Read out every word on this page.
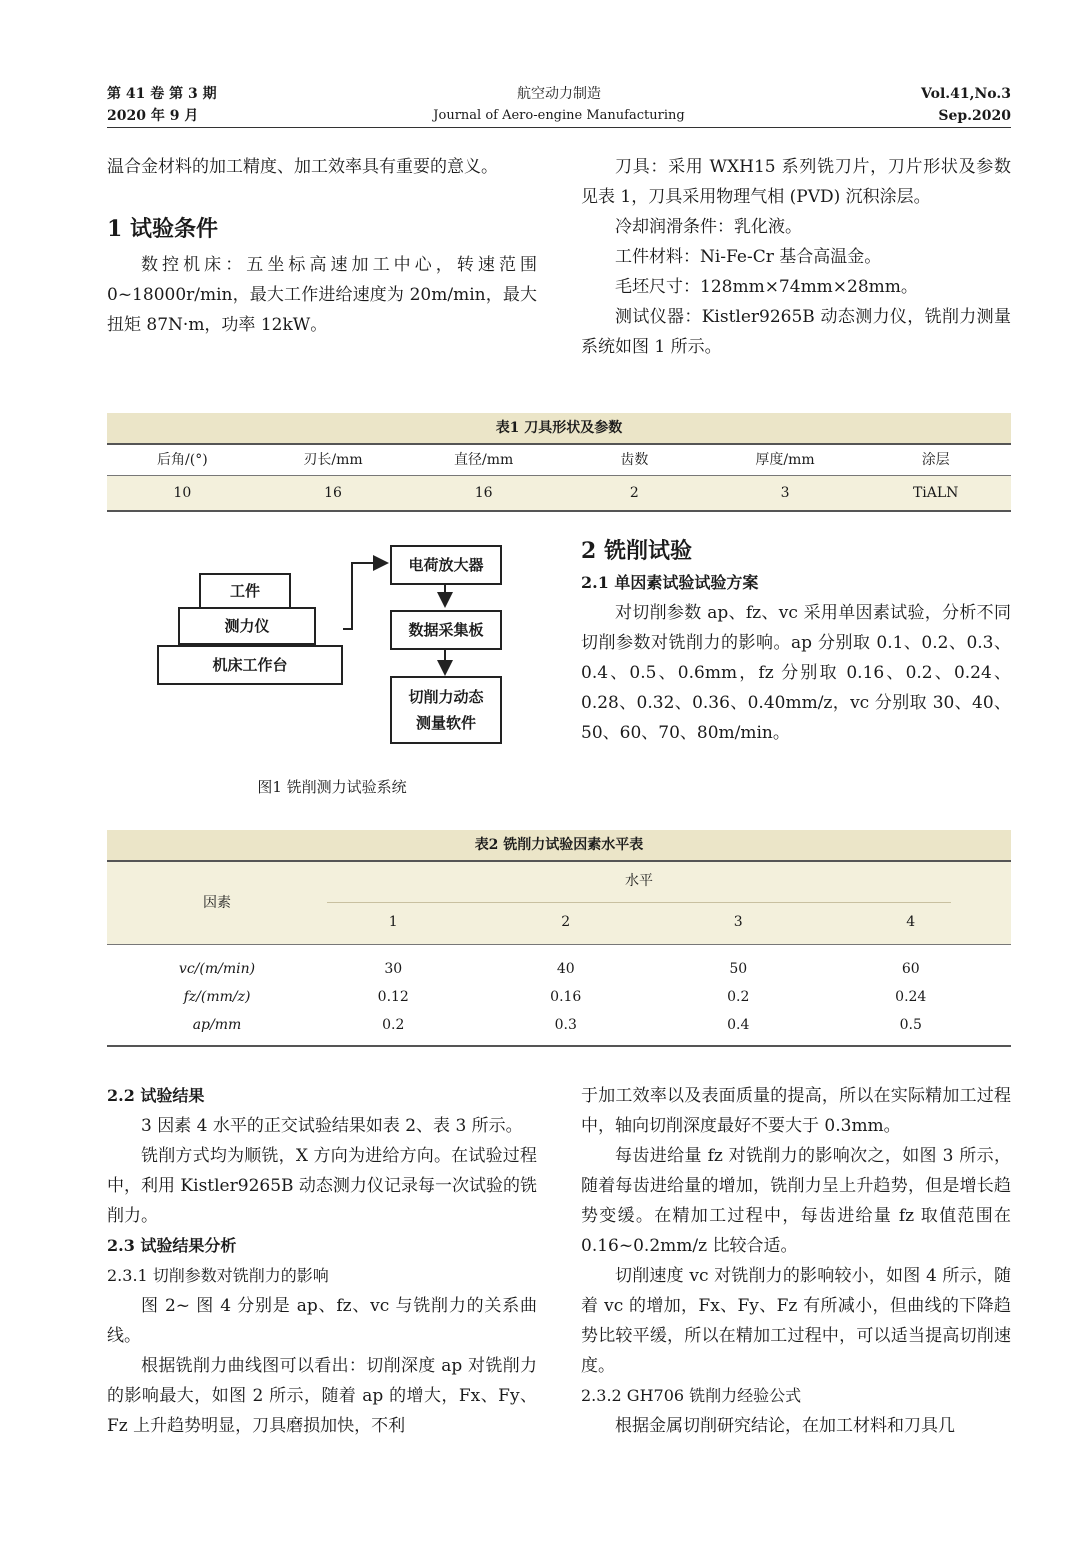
第 41 卷 第 3 期
2020 年 9 月
航空动力制造
Journal of Aero-engine Manufacturing
Vol.41,No.3
Sep.2020

温合金材料的加工精度、加工效率具有重要的意义。

1 试验条件

数控机床：五坐标高速加工中心，转速范围 0~18000r/min，最大工作进给速度为 20m/min，最大扭矩 87N·m，功率 12kW。

刀具：采用 WXH15 系列铣刀片，刀片形状及参数见表 1，刀具采用物理气相 (PVD) 沉积涂层。

冷却润滑条件：乳化液。

工件材料：Ni-Fe-Cr 基合高温金。

毛坯尺寸：128mm×74mm×28mm。

测试仪器：Kistler9265B 动态测力仪，铣削力测量系统如图 1 所示。

表1 刀具形状及参数
后角/(°)	刃长/mm	直径/mm	齿数	厚度/mm	涂层
10	16	16	2	3	TiALN
工件
测力仪
机床工作台
电荷放大器
数据采集板
切削力动态
测量软件
图1 铣削测力试验系统

2 铣削试验

2.1 单因素试验试验方案

对切削参数 ap、fz、vc 采用单因素试验，分析不同切削参数对铣削力的影响。ap 分别取 0.1、0.2、0.3、0.4、0.5、0.6mm，fz 分别取 0.16、0.2、0.24、0.28、0.32、0.36、0.40mm/z，vc 分别取 30、40、50、60、70、80m/min。

表2 铣削力试验因素水平表
因素
水平
1	2	3	4
vc/(m/min)	30	40	50	60
fz/(mm/z)	0.12	0.16	0.2	0.24
ap/mm	0.2	0.3	0.4	0.5

2.2 试验结果

3 因素 4 水平的正交试验结果如表 2、表 3 所示。

铣削方式均为顺铣，X 方向为进给方向。在试验过程中，利用 Kistler9265B 动态测力仪记录每一次试验的铣削力。

2.3 试验结果分析

2.3.1 切削参数对铣削力的影响

图 2~ 图 4 分别是 ap、fz、vc 与铣削力的关系曲线。

根据铣削力曲线图可以看出：切削深度 ap 对铣削力的影响最大，如图 2 所示，随着 ap 的增大，Fx、Fy、Fz 上升趋势明显，刀具磨损加快，不利

于加工效率以及表面质量的提高，所以在实际精加工过程中，轴向切削深度最好不要大于 0.3mm。

每齿进给量 fz 对铣削力的影响次之，如图 3 所示，随着每齿进给量的增加，铣削力呈上升趋势，但是增长趋势变缓。在精加工过程中，每齿进给量 fz 取值范围在 0.16~0.2mm/z 比较合适。

切削速度 vc 对铣削力的影响较小，如图 4 所示，随着 vc 的增加，Fx、Fy、Fz 有所减小，但曲线的下降趋势比较平缓，所以在精加工过程中，可以适当提高切削速度。

2.3.2 GH706 铣削力经验公式

根据金属切削研究结论，在加工材料和刀具几
